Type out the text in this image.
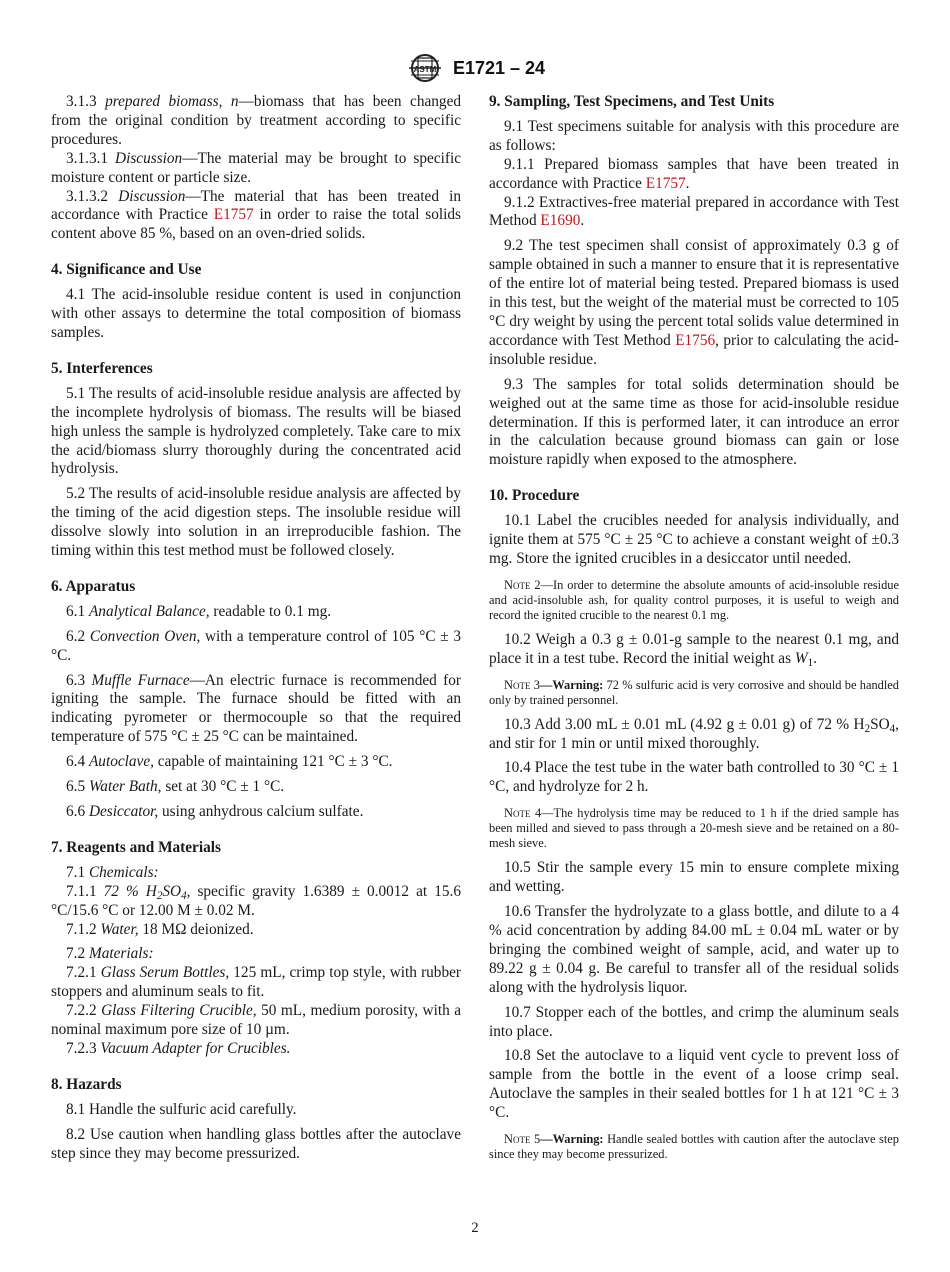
ASTM E1721 – 24

3.1.3 prepared biomass, n—biomass that has been changed from the original condition by treatment according to specific procedures.

3.1.3.1 Discussion—The material may be brought to specific moisture content or particle size.

3.1.3.2 Discussion—The material that has been treated in accordance with Practice E1757 in order to raise the total solids content above 85 %, based on an oven-dried solids.

4. Significance and Use

4.1 The acid-insoluble residue content is used in conjunction with other assays to determine the total composition of biomass samples.

5. Interferences

5.1 The results of acid-insoluble residue analysis are affected by the incomplete hydrolysis of biomass. The results will be biased high unless the sample is hydrolyzed completely. Take care to mix the acid/biomass slurry thoroughly during the concentrated acid hydrolysis.

5.2 The results of acid-insoluble residue analysis are affected by the timing of the acid digestion steps. The insoluble residue will dissolve slowly into solution in an irreproducible fashion. The timing within this test method must be followed closely.

6. Apparatus

6.1 Analytical Balance, readable to 0.1 mg.

6.2 Convection Oven, with a temperature control of 105 °C ± 3 °C.

6.3 Muffle Furnace—An electric furnace is recommended for igniting the sample. The furnace should be fitted with an indicating pyrometer or thermocouple so that the required temperature of 575 °C ± 25 °C can be maintained.

6.4 Autoclave, capable of maintaining 121 °C ± 3 °C.

6.5 Water Bath, set at 30 °C ± 1 °C.

6.6 Desiccator, using anhydrous calcium sulfate.

7. Reagents and Materials

7.1 Chemicals:

7.1.1 72 % $H_2SO_4$, specific gravity 1.6389 ± 0.0012 at 15.6 °C/15.6 °C or 12.00 M ± 0.02 M.

7.1.2 Water, 18 MΩ deionized.

7.2 Materials:

7.2.1 Glass Serum Bottles, 125 mL, crimp top style, with rubber stoppers and aluminum seals to fit.

7.2.2 Glass Filtering Crucible, 50 mL, medium porosity, with a nominal maximum pore size of 10 µm.

7.2.3 Vacuum Adapter for Crucibles.

8. Hazards

8.1 Handle the sulfuric acid carefully.

8.2 Use caution when handling glass bottles after the autoclave step since they may become pressurized.

9. Sampling, Test Specimens, and Test Units

9.1 Test specimens suitable for analysis with this procedure are as follows:

9.1.1 Prepared biomass samples that have been treated in accordance with Practice E1757.

9.1.2 Extractives-free material prepared in accordance with Test Method E1690.

9.2 The test specimen shall consist of approximately 0.3 g of sample obtained in such a manner to ensure that it is representative of the entire lot of material being tested. Prepared biomass is used in this test, but the weight of the material must be corrected to 105 °C dry weight by using the percent total solids value determined in accordance with Test Method E1756, prior to calculating the acid-insoluble residue.

9.3 The samples for total solids determination should be weighed out at the same time as those for acid-insoluble residue determination. If this is performed later, it can introduce an error in the calculation because ground biomass can gain or lose moisture rapidly when exposed to the atmosphere.

10. Procedure

10.1 Label the crucibles needed for analysis individually, and ignite them at 575 °C ± 25 °C to achieve a constant weight of ±0.3 mg. Store the ignited crucibles in a desiccator until needed.

Note 2—In order to determine the absolute amounts of acid-insoluble residue and acid-insoluble ash, for quality control purposes, it is useful to weigh and record the ignited crucible to the nearest 0.1 mg.

10.2 Weigh a 0.3 g ± 0.01-g sample to the nearest 0.1 mg, and place it in a test tube. Record the initial weight as $W_1$.

Note 3—Warning: 72 % sulfuric acid is very corrosive and should be handled only by trained personnel.

10.3 Add 3.00 mL ± 0.01 mL (4.92 g ± 0.01 g) of 72 % $H_2SO_4$, and stir for 1 min or until mixed thoroughly.

10.4 Place the test tube in the water bath controlled to 30 °C ± 1 °C, and hydrolyze for 2 h.

Note 4—The hydrolysis time may be reduced to 1 h if the dried sample has been milled and sieved to pass through a 20-mesh sieve and be retained on a 80-mesh sieve.

10.5 Stir the sample every 15 min to ensure complete mixing and wetting.

10.6 Transfer the hydrolyzate to a glass bottle, and dilute to a 4 % acid concentration by adding 84.00 mL ± 0.04 mL water or by bringing the combined weight of sample, acid, and water up to 89.22 g ± 0.04 g. Be careful to transfer all of the residual solids along with the hydrolysis liquor.

10.7 Stopper each of the bottles, and crimp the aluminum seals into place.

10.8 Set the autoclave to a liquid vent cycle to prevent loss of sample from the bottle in the event of a loose crimp seal. Autoclave the samples in their sealed bottles for 1 h at 121 °C ± 3 °C.

Note 5—Warning: Handle sealed bottles with caution after the autoclave step since they may become pressurized.

2
